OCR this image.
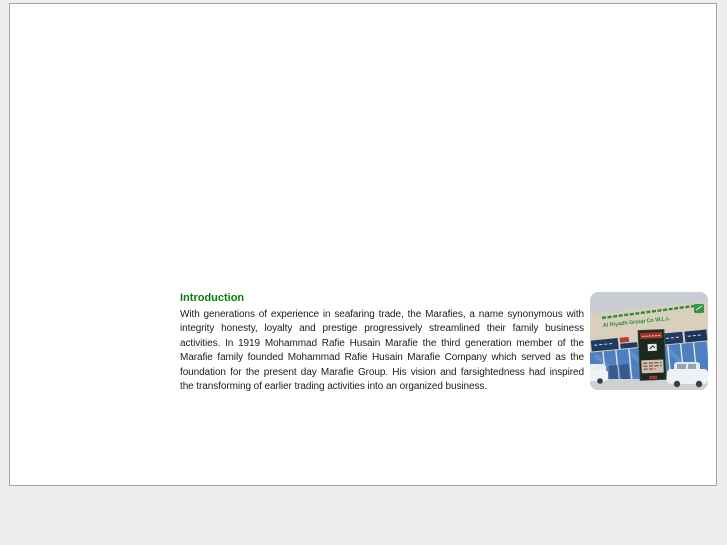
Introduction
With generations of experience in seafaring trade, the Marafies, a name synonymous with
integrity honesty, loyalty and prestige progressively streamlined their family business
activities. In 1919 Mohammad Rafie Husain Marafie the third generation member of the
Marafie family founded Mohammad Rafie Husain Marafie Company which served as the
foundation for the present day Marafie Group. His vision and farsightedness had inspired
the transforming of earlier trading activities into an organized business.
Al Riyadh Group Co W.L.L
